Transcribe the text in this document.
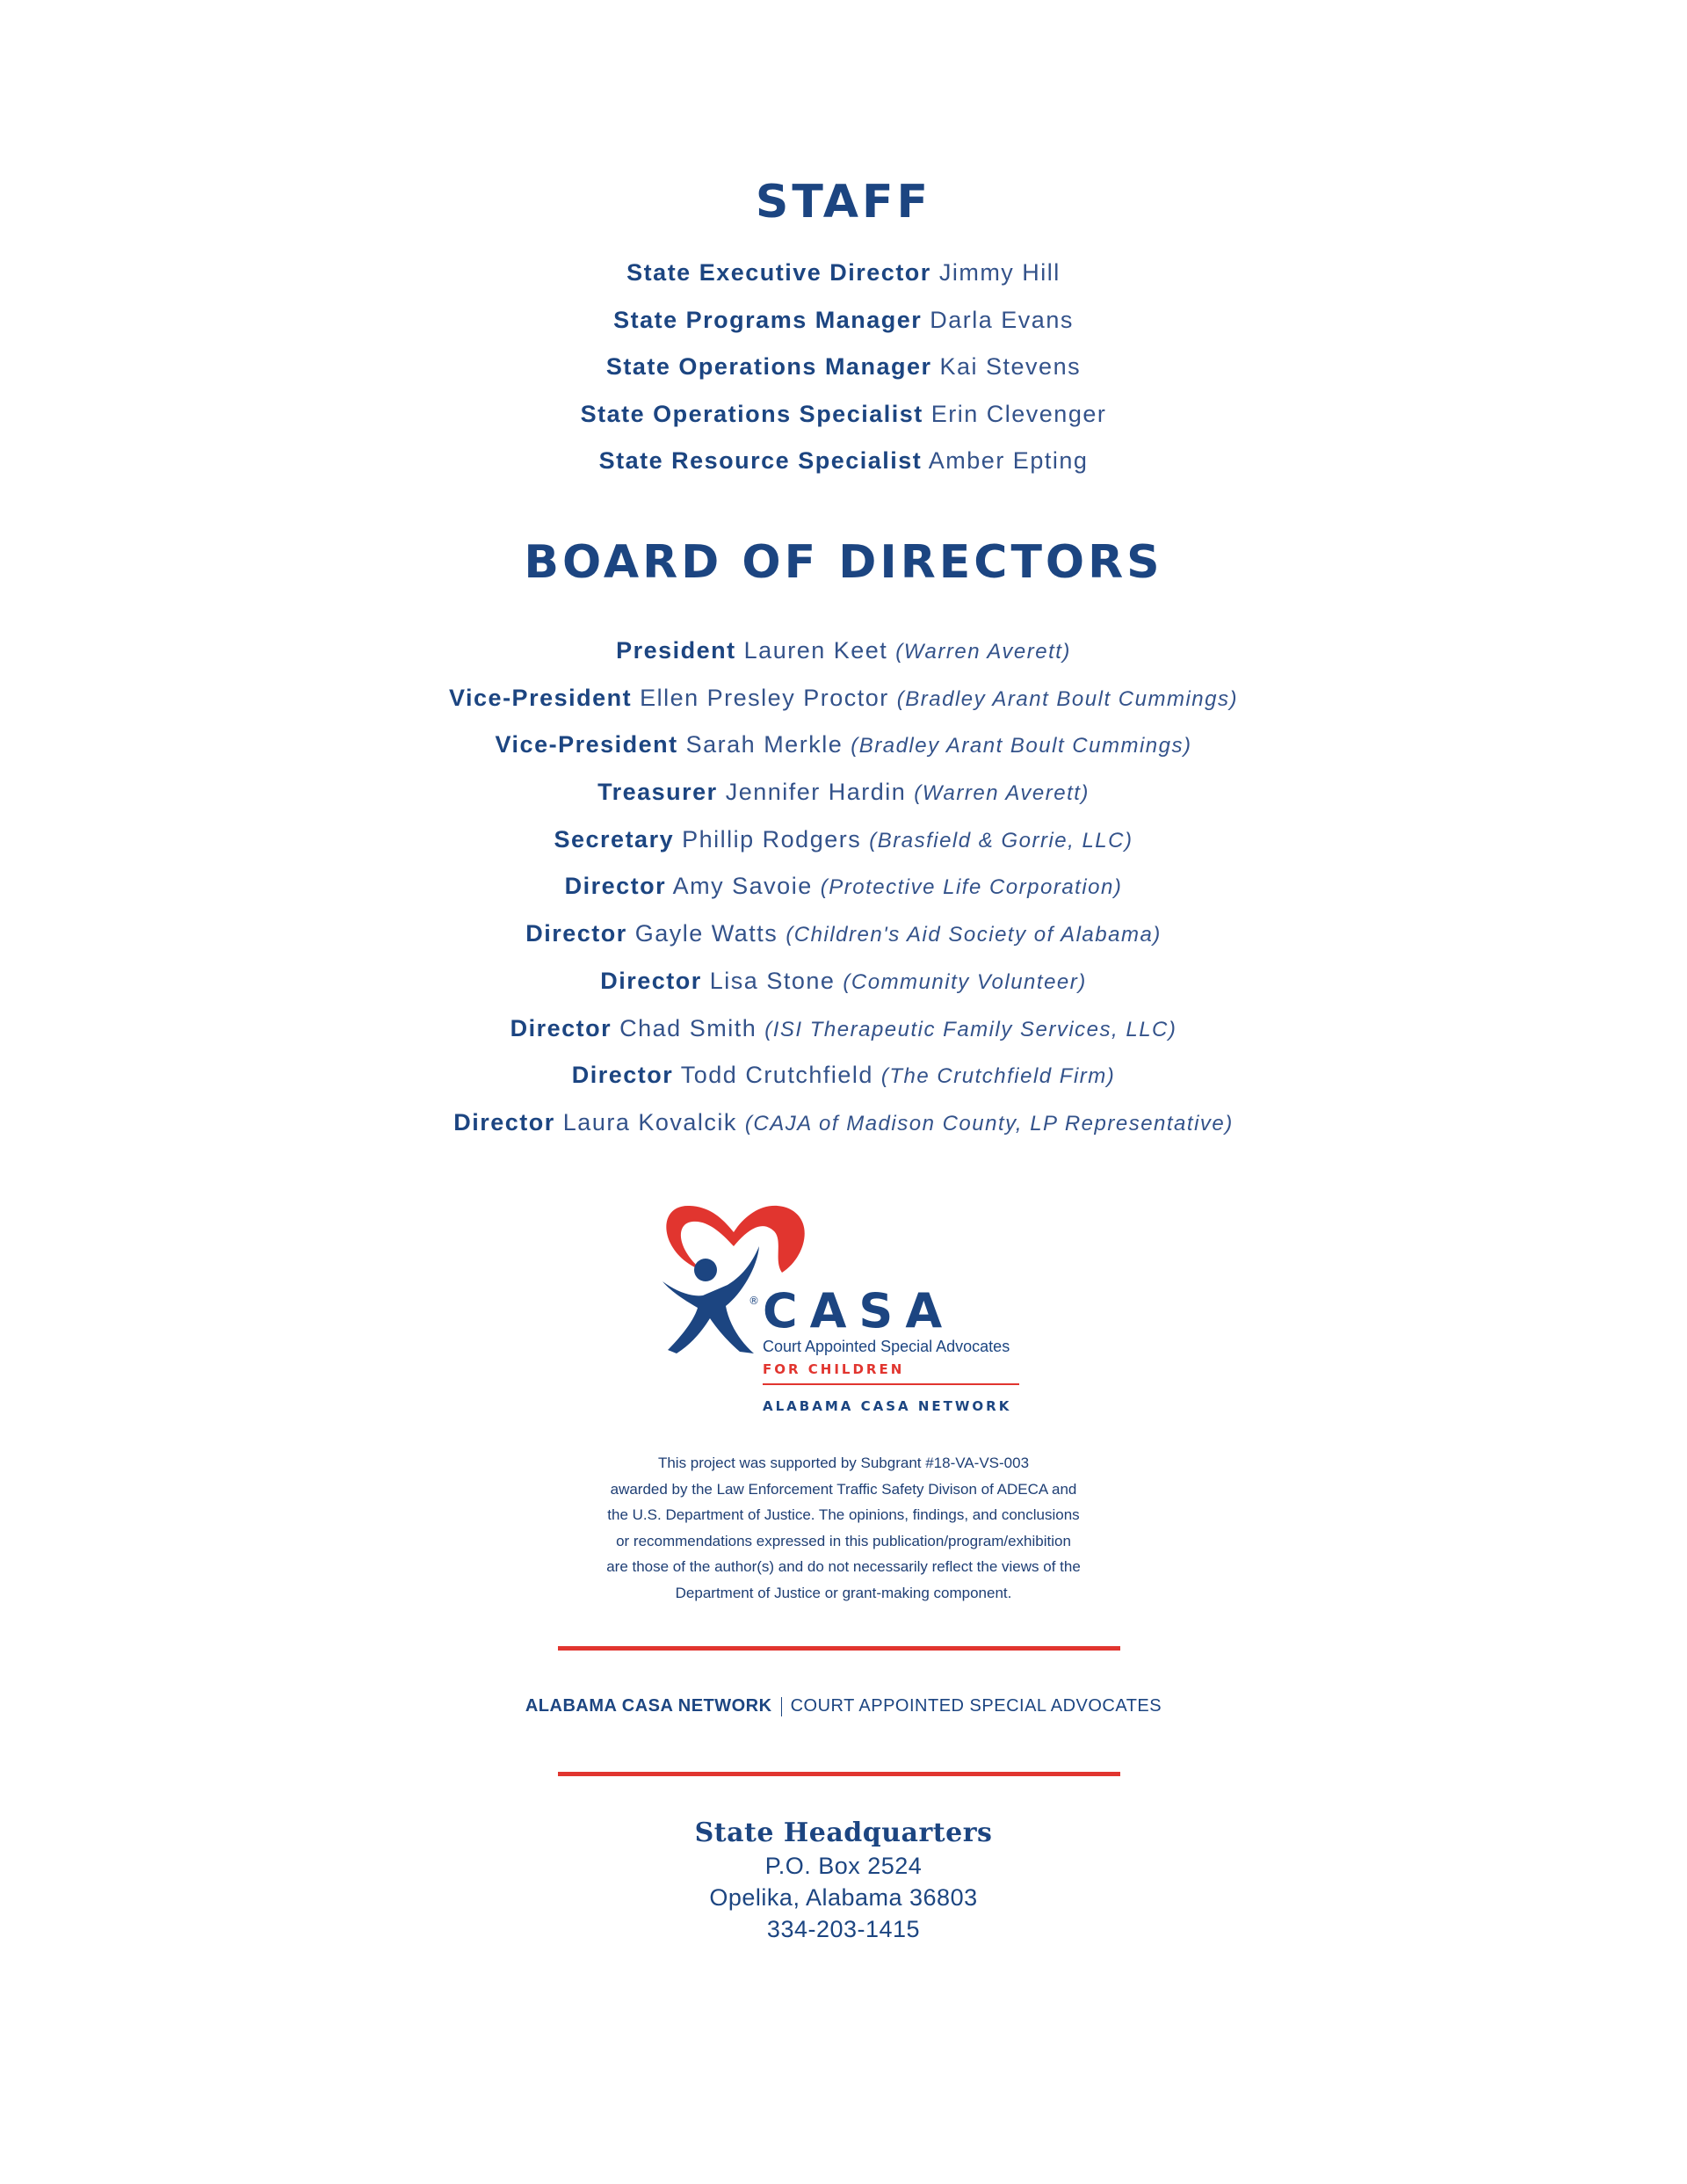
STAFF
State Executive Director Jimmy Hill
State Programs Manager Darla Evans
State Operations Manager Kai Stevens
State Operations Specialist Erin Clevenger
State Resource Specialist Amber Epting
BOARD OF DIRECTORS
President Lauren Keet (Warren Averett)
Vice-President Ellen Presley Proctor (Bradley Arant Boult Cummings)
Vice-President Sarah Merkle (Bradley Arant Boult Cummings)
Treasurer Jennifer Hardin (Warren Averett)
Secretary Phillip Rodgers (Brasfield & Gorrie, LLC)
Director Amy Savoie (Protective Life Corporation)
Director Gayle Watts (Children's Aid Society of Alabama)
Director Lisa Stone (Community Volunteer)
Director Chad Smith (ISI Therapeutic Family Services, LLC)
Director Todd Crutchfield (The Crutchfield Firm)
Director Laura Kovalcik (CAJA of Madison County, LP Representative)
CASA
®
Court Appointed Special Advocates
FOR CHILDREN
ALABAMA CASA NETWORK
This project was supported by Subgrant #18-VA-VS-003
awarded by the Law Enforcement Traffic Safety Divison of ADECA and
the U.S. Department of Justice. The opinions, findings, and conclusions
or recommendations expressed in this publication/program/exhibition
are those of the author(s) and do not necessarily reflect the views of the
Department of Justice or grant-making component.
ALABAMA CASA NETWORK COURT APPOINTED SPECIAL ADVOCATES
State Headquarters
P.O. Box 2524
Opelika, Alabama 36803
334-203-1415
